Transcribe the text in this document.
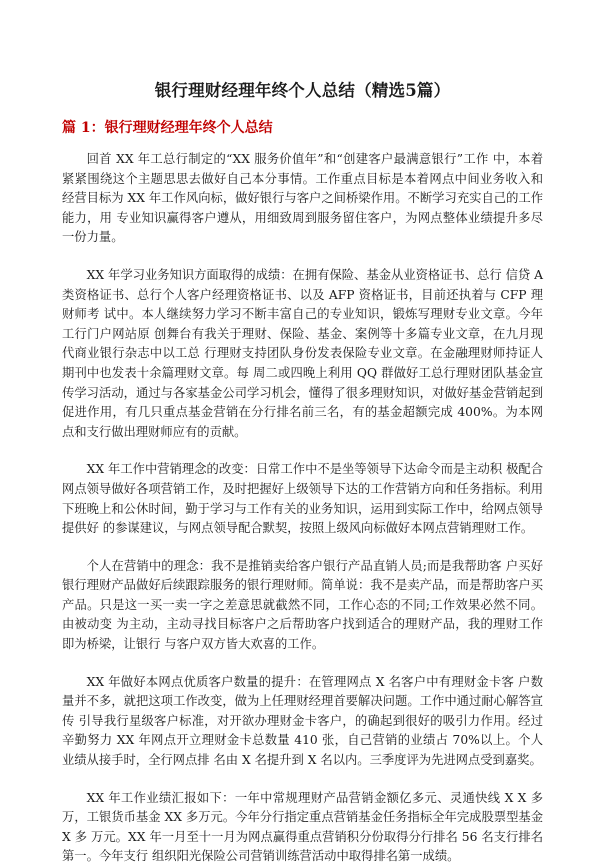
银行理财经理年终个人总结（精选5篇）
篇 1：银行理财经理年终个人总结

回首 XX 年工总行制定的“XX 服务价值年”和“创建客户最满意银行”工作 中，本着紧紧围绕这个主题思思去做好自己本分事情。工作重点目标是本着网点中间业务收入和 经营目标为 XX 年工作风向标，做好银行与客户之间桥梁作用。不断学习充实自己的工作能力，用 专业知识赢得客户遵从，用细致周到服务留住客户，为网点整体业绩提升多尽一份力量。

XX 年学习业务知识方面取得的成绩：在拥有保险、基金从业资格证书、总行 信贷 A 类资格证书、总行个人客户经理资格证书、以及 AFP 资格证书，目前还执着与 CFP 理财师考 试中。本人继续努力学习不断丰富自己的专业知识，锻炼写理财专业文章。今年工行门户网站原 创舞台有我关于理财、保险、基金、案例等十多篇专业文章，在九月现代商业银行杂志中以工总 行理财支持团队身份发表保险专业文章。在金融理财师持证人期刊中也发表十余篇理财文章。每 周二或四晚上利用 QQ 群做好工总行理财团队基金宣传学习活动，通过与各家基金公司学习机会，懂得了很多理财知识，对做好基金营销起到促进作用，有几只重点基金营销在分行排名前三名，有的基金超额完成 400%。为本网点和支行做出理财师应有的贡献。

XX 年工作中营销理念的改变：日常工作中不是坐等领导下达命令而是主动积 极配合网点领导做好各项营销工作，及时把握好上级领导下达的工作营销方向和任务指标。利用 下班晚上和公休时间，勤于学习与工作有关的业务知识，运用到实际工作中，给网点领导提供好 的参谋建议，与网点领导配合默契，按照上级风向标做好本网点营销理财工作。

个人在营销中的理念：我不是推销卖给客户银行产品直销人员;而是我帮助客 户买好银行理财产品做好后续跟踪服务的银行理财师。简单说：我不是卖产品，而是帮助客户买 产品。只是这一买一卖一字之差意思就截然不同，工作心态的不同;工作效果必然不同。由被动变 为主动，主动寻找目标客户之后帮助客户找到适合的理财产品，我的理财工作即为桥梁，让银行 与客户双方皆大欢喜的工作。

XX 年做好本网点优质客户数量的提升：在管理网点 X 名客户中有理财金卡客 户数量并不多，就把这项工作改变，做为上任理财经理首要解决问题。工作中通过耐心解答宣传 引导我行星级客户标准，对开欲办理财金卡客户，的确起到很好的吸引力作用。经过辛勤努力 XX 年网点开立理财金卡总数量 410 张，自己营销的业绩占 70%以上。个人业绩从接手时，全行网点排 名由 X 名提升到 X 名以内。三季度评为先进网点受到嘉奖。

XX 年工作业绩汇报如下：一年中常规理财产品营销金额亿多元、灵通快线 X X 多万，工银货币基金 XX 多万元。今年分行指定重点营销基金任务指标全年完成股票型基金 X 多 万元。XX 年一月至十一月为网点赢得重点营销积分份取得分行排名 56 名支行排名第一。今年支行 组织阳光保险公司营销训练营活动中取得排名第一成绩。
